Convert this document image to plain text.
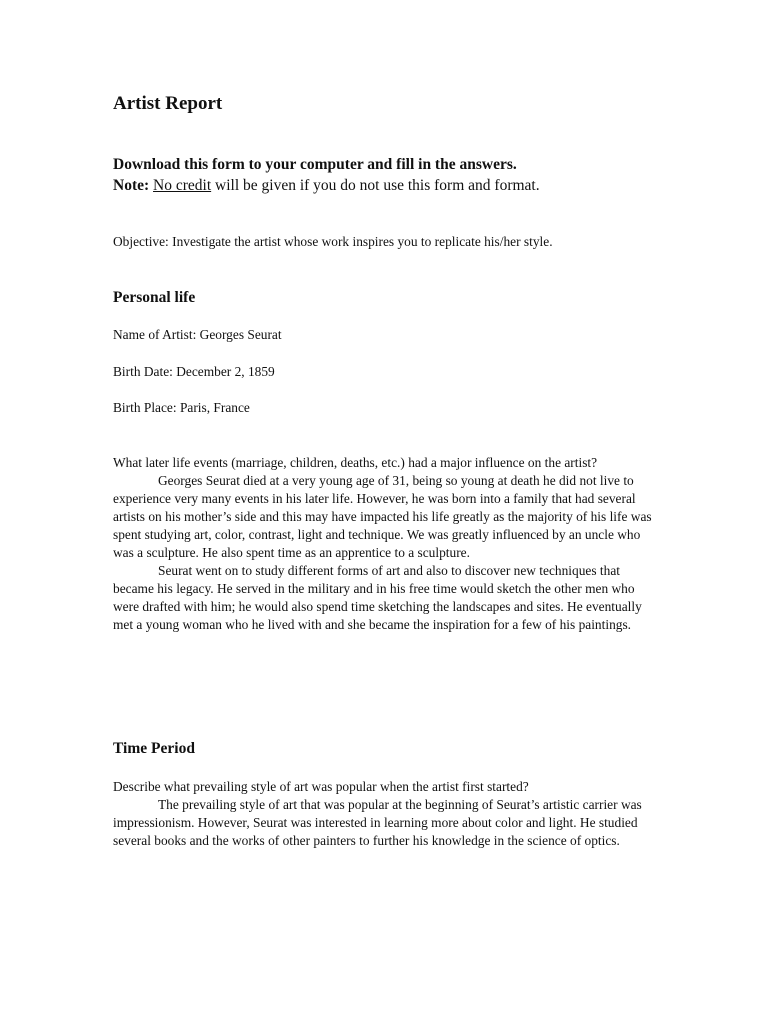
Artist Report
Download this form to your computer and fill in the answers.
Note: No credit will be given if you do not use this form and format.
Objective: Investigate the artist whose work inspires you to replicate his/her style.
Personal life
Name of Artist: Georges Seurat
Birth Date: December 2, 1859
Birth Place: Paris, France

What later life events (marriage, children, deaths, etc.) had a major influence on the artist?

Georges Seurat died at a very young age of 31, being so young at death he did not live to experience very many events in his later life. However, he was born into a family that had several artists on his mother’s side and this may have impacted his life greatly as the majority of his life was spent studying art, color, contrast, light and technique. We was greatly influenced by an uncle who was a sculpture. He also spent time as an apprentice to a sculpture.

Seurat went on to study different forms of art and also to discover new techniques that became his legacy. He served in the military and in his free time would sketch the other men who were drafted with him; he would also spend time sketching the landscapes and sites. He eventually met a young woman who he lived with and she became the inspiration for a few of his paintings.

Time Period

Describe what prevailing style of art was popular when the artist first started?

The prevailing style of art that was popular at the beginning of Seurat’s artistic carrier was impressionism. However, Seurat was interested in learning more about color and light. He studied several books and the works of other painters to further his knowledge in the science of optics.
